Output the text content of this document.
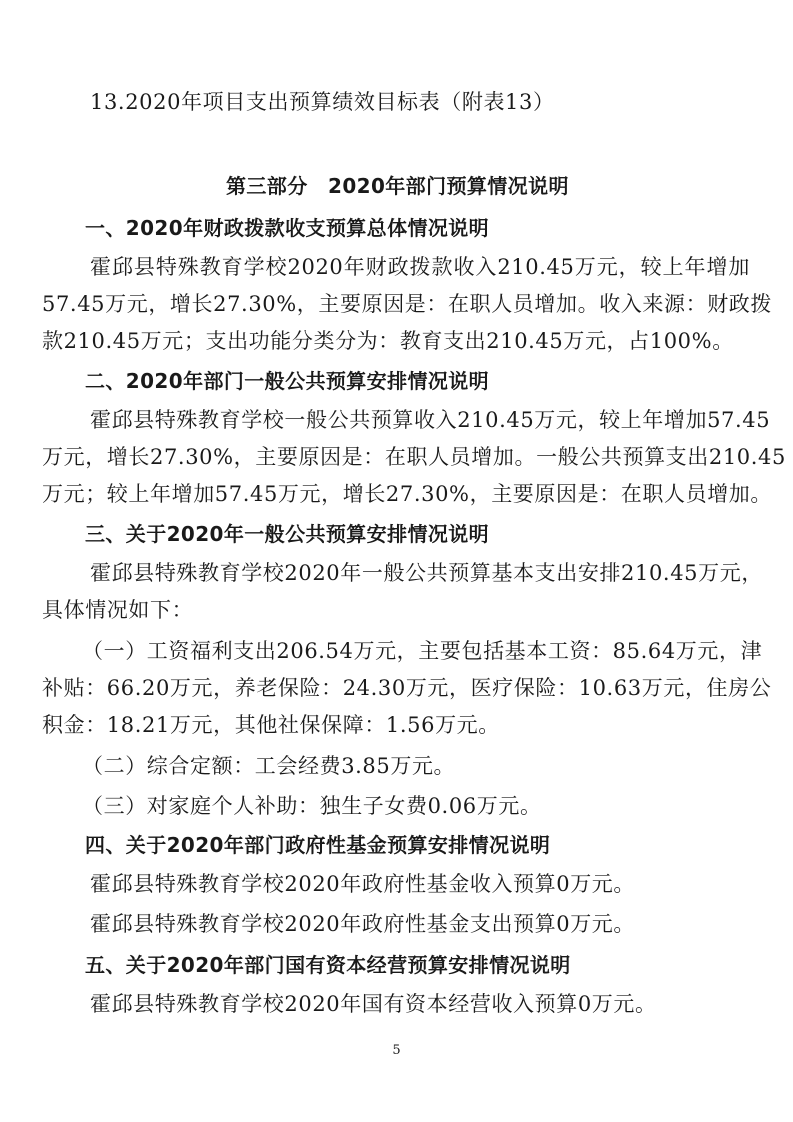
13.2020年项目支出预算绩效目标表（附表13）
第三部分　2020年部门预算情况说明
一、2020年财政拨款收支预算总体情况说明
霍邱县特殊教育学校2020年财政拨款收入210.45万元，较上年增加
57.45万元，增长27.30%，主要原因是：在职人员增加。收入来源：财政拨
款210.45万元；支出功能分类分为：教育支出210.45万元，占100%。
二、2020年部门一般公共预算安排情况说明
霍邱县特殊教育学校一般公共预算收入210.45万元，较上年增加57.45
万元，增长27.30%，主要原因是：在职人员增加。一般公共预算支出210.45
万元；较上年增加57.45万元，增长27.30%，主要原因是：在职人员增加。
三、关于2020年一般公共预算安排情况说明
霍邱县特殊教育学校2020年一般公共预算基本支出安排210.45万元，
具体情况如下：
（一）工资福利支出206.54万元，主要包括基本工资：85.64万元，津
补贴：66.20万元，养老保险：24.30万元，医疗保险：10.63万元，住房公
积金：18.21万元，其他社保保障：1.56万元。
（二）综合定额：工会经费3.85万元。
（三）对家庭个人补助：独生子女费0.06万元。
四、关于2020年部门政府性基金预算安排情况说明
霍邱县特殊教育学校2020年政府性基金收入预算0万元。
霍邱县特殊教育学校2020年政府性基金支出预算0万元。
五、关于2020年部门国有资本经营预算安排情况说明
霍邱县特殊教育学校2020年国有资本经营收入预算0万元。
5
